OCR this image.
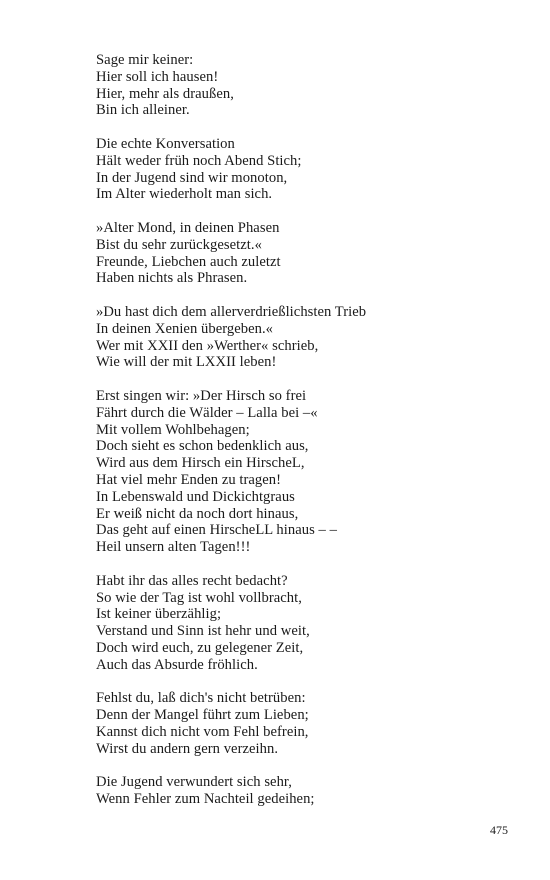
Sage mir keiner:
Hier soll ich hausen!
Hier, mehr als draußen,
Bin ich alleiner.
Die echte Konversation
Hält weder früh noch Abend Stich;
In der Jugend sind wir monoton,
Im Alter wiederholt man sich.
»Alter Mond, in deinen Phasen
Bist du sehr zurückgesetzt.«
Freunde, Liebchen auch zuletzt
Haben nichts als Phrasen.
»Du hast dich dem allerverdrießlichsten Trieb
In deinen Xenien übergeben.«
Wer mit XXII den »Werther« schrieb,
Wie will der mit LXXII leben!
Erst singen wir: »Der Hirsch so frei
Fährt durch die Wälder – Lalla bei –«
Mit vollem Wohlbehagen;
Doch sieht es schon bedenklich aus,
Wird aus dem Hirsch ein HirscheL,
Hat viel mehr Enden zu tragen!
In Lebenswald und Dickichtgraus
Er weiß nicht da noch dort hinaus,
Das geht auf einen HirscheLL hinaus – –
Heil unsern alten Tagen!!!
Habt ihr das alles recht bedacht?
So wie der Tag ist wohl vollbracht,
Ist keiner überzählig;
Verstand und Sinn ist hehr und weit,
Doch wird euch, zu gelegener Zeit,
Auch das Absurde fröhlich.
Fehlst du, laß dich's nicht betrüben:
Denn der Mangel führt zum Lieben;
Kannst dich nicht vom Fehl befrein,
Wirst du andern gern verzeihn.
Die Jugend verwundert sich sehr,
Wenn Fehler zum Nachteil gedeihen;
475
